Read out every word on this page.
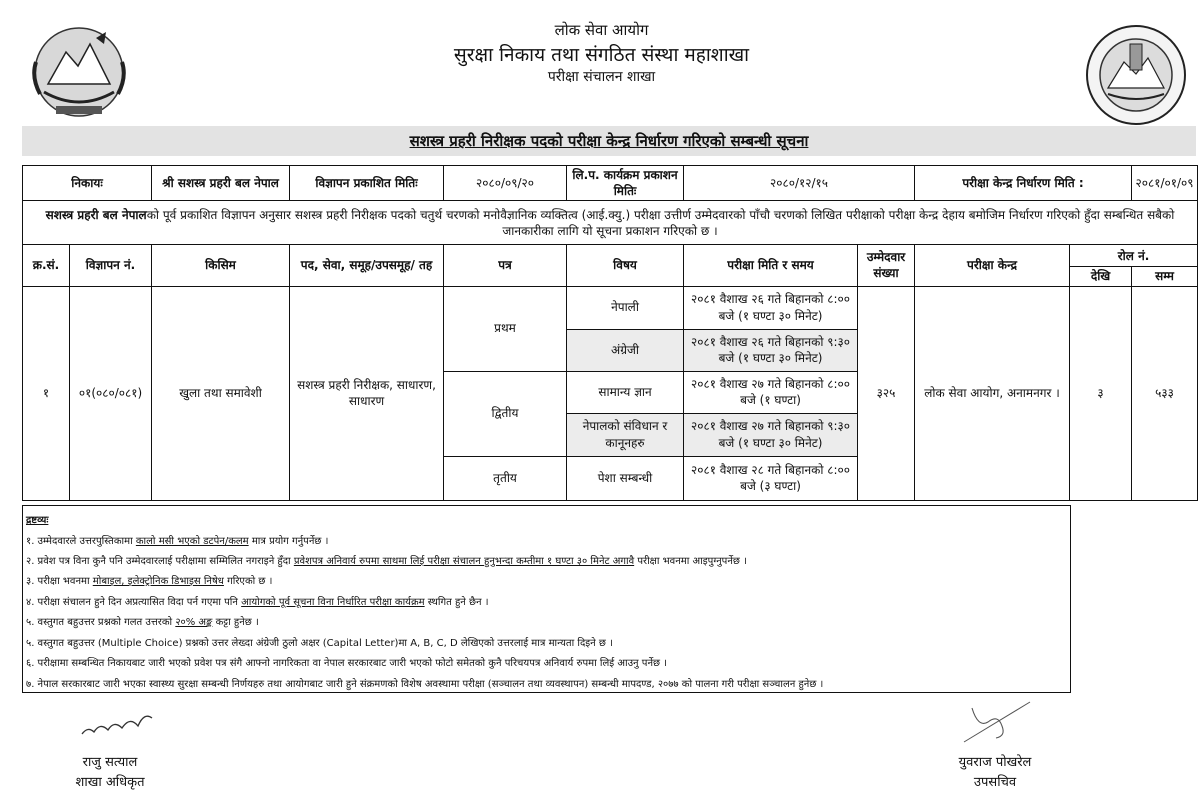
लोक सेवा आयोग
सुरक्षा निकाय तथा संगठित संस्था महाशाखा
परीक्षा संचालन शाखा
सशस्त्र प्रहरी निरीक्षक पदको परीक्षा केन्द्र निर्धारण गरिएको सम्बन्धी सूचना
निकायः		श्री सशस्त्र प्रहरी बल नेपाल	विज्ञापन प्रकाशित मितिः	२०८०/०९/२०	लि.प. कार्यक्रम प्रकाशन मितिः	२०८०/१२/१५		परीक्षा केन्द्र निर्धारण मिति :		२०८१/०१/०९
सशस्त्र प्रहरी बल नेपालको पूर्व प्रकाशित विज्ञापन अनुसार सशस्त्र प्रहरी निरीक्षक पदको चतुर्थ चरणको मनोवैज्ञानिक व्यक्तित्व (आई.क्यु.) परीक्षा उत्तीर्ण उम्मेदवारको पाँचौ चरणको लिखित परीक्षाको परीक्षा केन्द्र देहाय बमोजिम निर्धारण गरिएको हुँदा सम्बन्धित सबैको जानकारीका लागि यो सूचना प्रकाशन गरिएको छ ।										
क्र.सं.	विज्ञापन नं.	किसिम	पद, सेवा, समूह/उपसमूह/ तह	पत्र	विषय	परीक्षा मिति र समय	उम्मेदवार संख्या	परीक्षा केन्द्र	रोल नं.	
									देखि	सम्म
१	०१(०८०/०८१)	खुला तथा समावेशी	सशस्त्र प्रहरी निरीक्षक, साधारण, साधारण	प्रथम	नेपाली	२०८१ वैशाख २६ गते बिहानको ८:०० बजे (१ घण्टा ३० मिनेट)	३२५	लोक सेवा आयोग, अनामनगर ।	३	५३३
					अंग्रेजी	२०८१ वैशाख २६ गते बिहानको ९:३० बजे (१ घण्टा ३० मिनेट)				
				द्वितीय	सामान्य ज्ञान	२०८१ वैशाख २७ गते बिहानको ८:०० बजे (१ घण्टा)				
					नेपालको संविधान र कानूनहरु	२०८१ वैशाख २७ गते बिहानको ९:३० बजे (१ घण्टा ३० मिनेट)				
				तृतीय	पेशा सम्बन्धी	२०८१ वैशाख २८ गते बिहानको ८:०० बजे (३ घण्टा)				
द्रष्टव्यः
१. उम्मेदवारले उत्तरपुस्तिकामा कालो मसी भएको डटपेन/कलम मात्र प्रयोग गर्नुपर्नेछ ।
२. प्रवेश पत्र विना कुनै पनि उम्मेदवारलाई परीक्षामा सम्मिलित नगराइने हुँदा प्रवेशपत्र अनिवार्य रुपमा साथमा लिई परीक्षा संचालन हुनुभन्दा कम्तीमा १ घण्टा ३० मिनेट अगावै परीक्षा भवनमा आइपुग्नुपर्नेछ ।
३. परीक्षा भवनमा मोबाइल, इलेक्ट्रोनिक डिभाइस निषेध गरिएको छ ।
४. परीक्षा संचालन हुने दिन अप्रत्यासित विदा पर्न गएमा पनि आयोगको पूर्व सूचना विना निर्धारित परीक्षा कार्यक्रम स्थगित हुने छैन ।
५. वस्तुगत बहुउत्तर प्रश्नको गलत उत्तरको २०% अङ्क कट्टा हुनेछ ।
५. वस्तुगत बहुउत्तर (Multiple Choice) प्रश्नको उत्तर लेख्दा अंग्रेजी ठुलो अक्षर (Capital Letter)मा A, B, C, D लेखिएको उत्तरलाई मात्र मान्यता दिइने छ ।
६. परीक्षामा सम्बन्धित निकायबाट जारी भएको प्रवेश पत्र संगै आफ्नो नागरिकता वा नेपाल सरकारबाट जारी भएको फोटो समेतको कुनै परिचयपत्र अनिवार्य रुपमा लिई आउनु पर्नेछ ।
७. नेपाल सरकारबाट जारी भएका स्वास्थ्य सुरक्षा सम्बन्धी निर्णयहरु तथा आयोगबाट जारी हुने संक्रमणको विशेष अवस्थामा परीक्षा (सञ्चालन तथा व्यवस्थापन) सम्बन्धी मापदण्ड, २०७७ को पालना गरी परीक्षा सञ्चालन हुनेछ ।
राजु सत्याल
शाखा अधिकृत
युवराज पोखरेल
उपसचिव
